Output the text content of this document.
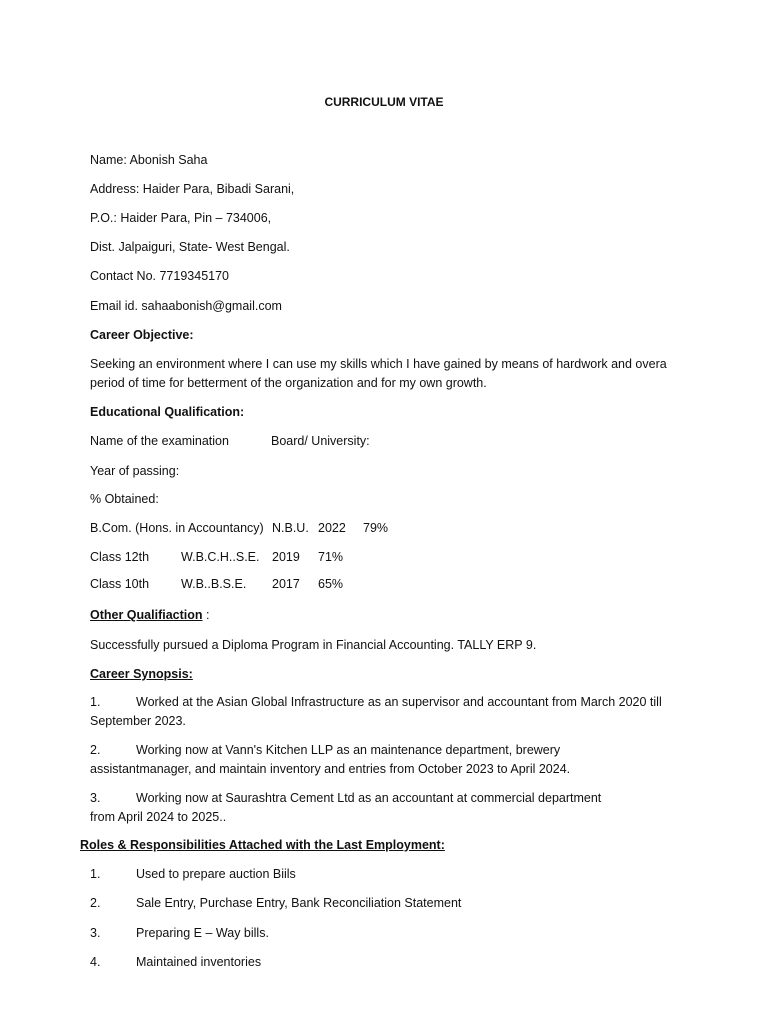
CURRICULUM VITAE
Name: Abonish Saha
Address: Haider Para, Bibadi Sarani,
P.O.: Haider Para, Pin – 734006,
Dist. Jalpaiguri, State- West Bengal.
Contact No. 7719345170
Email id. sahaabonish@gmail.com
Career Objective:
Seeking an environment where I can use my skills which I have gained by means of hardwork and overa
period of time for betterment of the organization and for my own growth.
Educational Qualification:
Name of the examination	Board/ University:
Year of passing:
% Obtained:
B.Com. (Hons. in Accountancy) N.B.U. 2022 79%
Class 12th	W.B.C.H..S.E. 2019 71%
Class 10th	W.B..B.S.E. 2017 65%
Other Qualifiaction :
Successfully pursued a Diploma Program in Financial Accounting. TALLY ERP 9.
Career Synopsis:
1.	Worked at the Asian Global Infrastructure as an supervisor and accountant from March 2020 till
September 2023.
2.	Working now at Vann's Kitchen LLP as an maintenance department, brewery
assistantmanager, and maintain inventory and entries from October 2023 to April 2024.
3.	Working now at Saurashtra Cement Ltd as an accountant at commercial department
from April 2024 to 2025..
Roles & Responsibilities Attached with the Last Employment:
1.	Used to prepare auction Biils
2.	Sale Entry, Purchase Entry, Bank Reconciliation Statement
3.	Preparing E – Way bills.
4.	Maintained inventories
